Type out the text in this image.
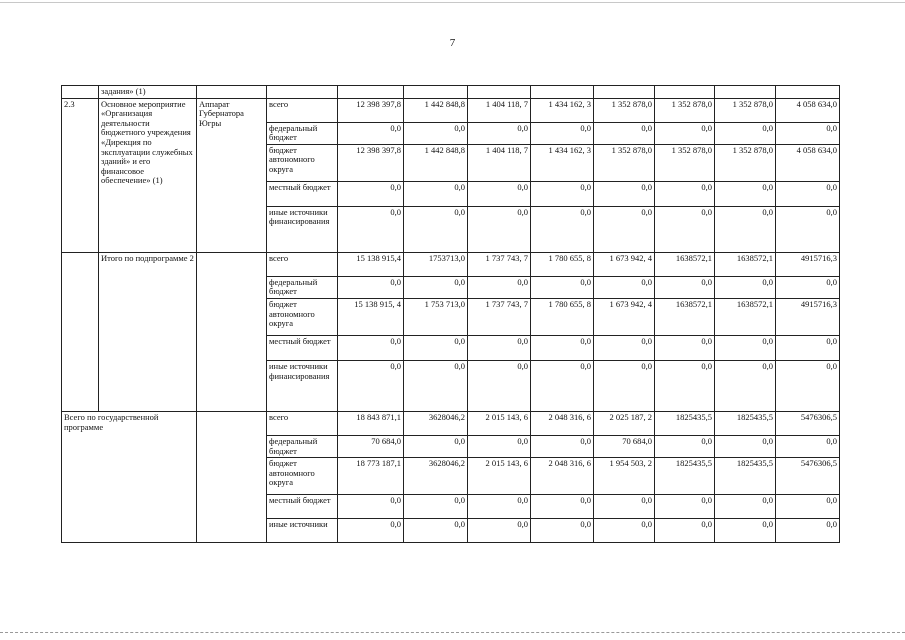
7
	задания» (1)										
2.3	Основное мероприятие «Организация деятельности бюджетного учреждения «Дирекция по эксплуатации служебных зданий» и его финансовое обеспечение» (1)	Аппарат Губернатора Югры	всего	12 398 397,8	1 442 848,8	1 404 118, 7	1 434 162, 3	1 352 878,0	1 352 878,0	1 352 878,0	4 058 634,0
			федеральный бюджет	0,0	0,0	0,0	0,0	0,0	0,0	0,0	0,0
			бюджет автономного округа	12 398 397,8	1 442 848,8	1 404 118, 7	1 434 162, 3	1 352 878,0	1 352 878,0	1 352 878,0	4 058 634,0
			местный бюджет	0,0	0,0	0,0	0,0	0,0	0,0	0,0	0,0
			иные источники финансирования	0,0	0,0	0,0	0,0	0,0	0,0	0,0	0,0
	Итого по подпрограмме 2		всего	15 138 915,4	1753713,0	1 737 743, 7	1 780 655, 8	1 673 942, 4	1638572,1	1638572,1	4915716,3
			федеральный бюджет	0,0	0,0	0,0	0,0	0,0	0,0	0,0	0,0
			бюджет автономного округа	15 138 915, 4	1 753 713,0	1 737 743, 7	1 780 655, 8	1 673 942, 4	1638572,1	1638572,1	4915716,3
			местный бюджет	0,0	0,0	0,0	0,0	0,0	0,0	0,0	0,0
			иные источники финансирования	0,0	0,0	0,0	0,0	0,0	0,0	0,0	0,0
Всего по государственной программе			всего	18 843 871,1	3628046,2	2 015 143, 6	2 048 316, 6	2 025 187, 2	1825435,5	1825435,5	5476306,5
			федеральный бюджет	70 684,0	0,0	0,0	0,0	70 684,0	0,0	0,0	0,0
			бюджет автономного округа	18 773 187,1	3628046,2	2 015 143, 6	2 048 316, 6	1 954 503, 2	1825435,5	1825435,5	5476306,5
			местный бюджет	0,0	0,0	0,0	0,0	0,0	0,0	0,0	0,0
			иные источники	0,0	0,0	0,0	0,0	0,0	0,0	0,0	0,0
